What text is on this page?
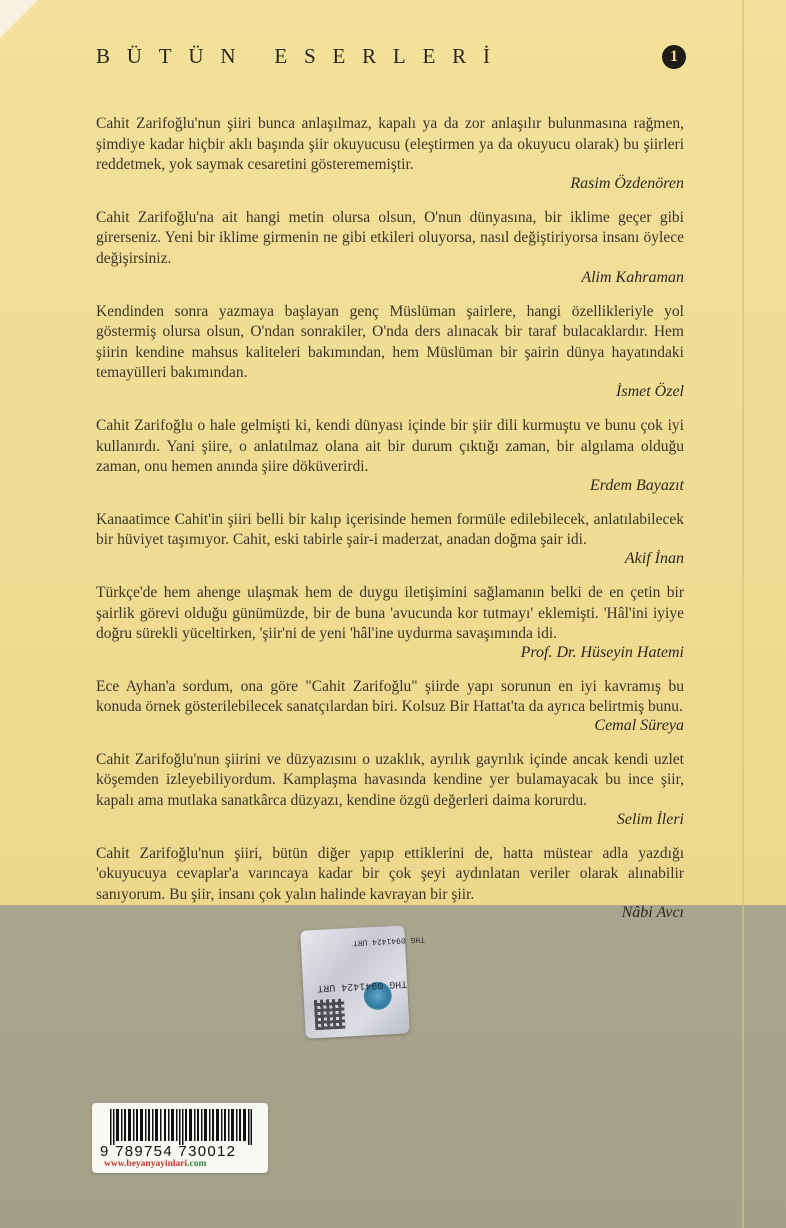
BÜTÜN ESERLERİ	1

Cahit Zarifoğlu'nun şiiri bunca anlaşılmaz, kapalı ya da zor anlaşılır bulunmasına rağmen, şimdiye kadar hiçbir aklı başında şiir okuyucusu (eleştirmen ya da okuyucu olarak) bu şiirleri reddetmek, yok saymak cesaretini gösterememiştir.

Rasim Özdenören

Cahit Zarifoğlu'na ait hangi metin olursa olsun, O'nun dünyasına, bir iklime geçer gibi girerseniz. Yeni bir iklime girmenin ne gibi etkileri oluyorsa, nasıl değiştiriyorsa insanı öylece değişirsiniz.

Alim Kahraman

Kendinden sonra yazmaya başlayan genç Müslüman şairlere, hangi özellikleriyle yol göstermiş olursa olsun, O'ndan sonrakiler, O'nda ders alınacak bir taraf bulacaklardır. Hem şiirin kendine mahsus kaliteleri bakımından, hem Müslüman bir şairin dünya hayatındaki temayülleri bakımından.

İsmet Özel

Cahit Zarifoğlu o hale gelmişti ki, kendi dünyası içinde bir şiir dili kurmuştu ve bunu çok iyi kullanırdı. Yani şiire, o anlatılmaz olana ait bir durum çıktığı zaman, bir algılama olduğu zaman, onu hemen anında şiire döküverirdi.

Erdem Bayazıt

Kanaatimce Cahit'in şiiri belli bir kalıp içerisinde hemen formüle edilebilecek, anlatılabilecek bir hüviyet taşımıyor. Cahit, eski tabirle şair-i maderzat, anadan doğma şair idi.

Akif İnan

Türkçe'de hem ahenge ulaşmak hem de duygu iletişimini sağlamanın belki de en çetin bir şairlik görevi olduğu günümüzde, bir de buna 'avucunda kor tutmayı' eklemişti. 'Hâl'ini iyiye doğru sürekli yüceltirken, 'şiir'ni de yeni 'hâl'ine uydurma savaşımında idi.

Prof. Dr. Hüseyin Hatemi

Ece Ayhan'a sordum, ona göre "Cahit Zarifoğlu" şiirde yapı sorunun en iyi kavramış bu konuda örnek gösterilebilecek sanatçılardan biri. Kolsuz Bir Hattat'ta da ayrıca belirtmiş bunu.

Cemal Süreya

Cahit Zarifoğlu'nun şiirini ve düzyazısını o uzaklık, ayrılık gayrılık içinde ancak kendi uzlet köşemden izleyebiliyordum. Kamplaşma havasında kendine yer bulamayacak bu ince şiir, kapalı ama mutlaka sanatkârca düzyazı, kendine özgü değerleri daima korurdu.

Selim İleri

Cahit Zarifoğlu'nun şiiri, bütün diğer yapıp ettiklerini de, hatta müstear adla yazdığı 'okuyucuya cevaplar'a varıncaya kadar bir çok şeyi aydınlatan veriler olarak alınabilir sanıyorum. Bu şiir, insanı çok yalın halinde kavrayan bir şiir.

Nâbi Avcı
THG 0941424 URT
THG 0941424 URT
9 789754 730012
www.beyanyayinlari.com
